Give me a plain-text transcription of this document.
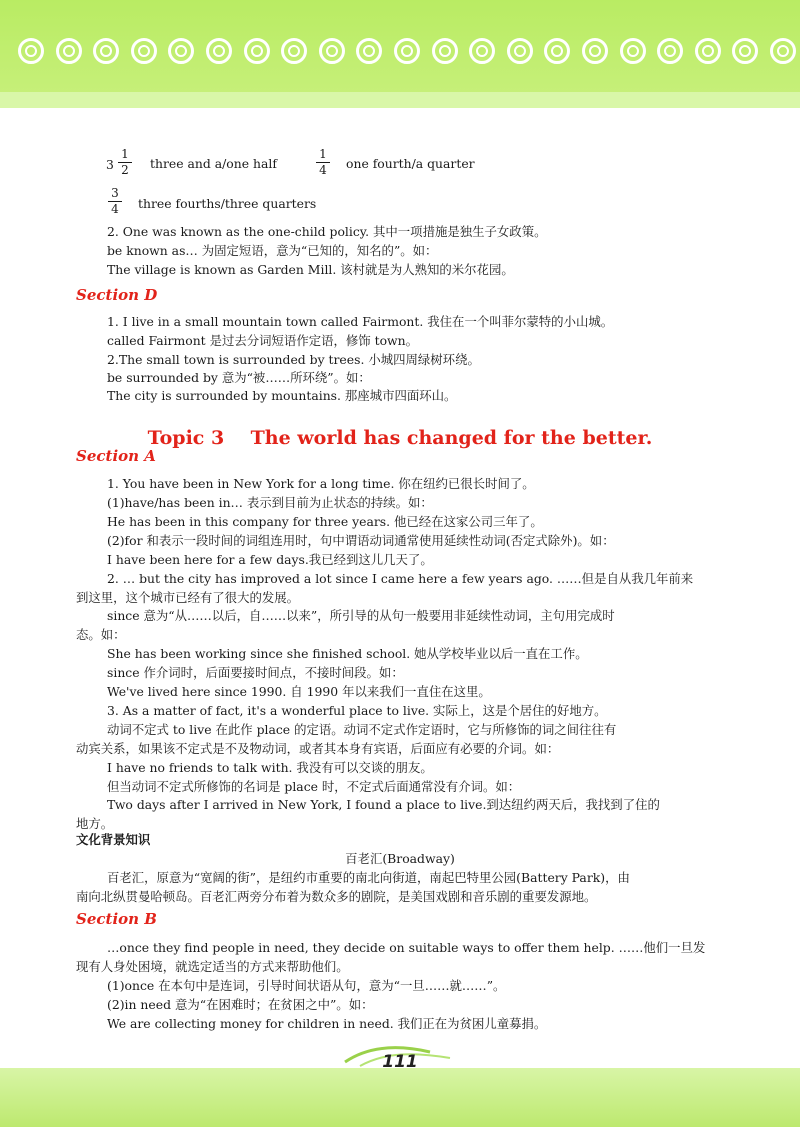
$3 \frac{1}{2}$ three and a/one half	$\frac{1}{4}$ one fourth/a quarter
$\frac{3}{4}$ three fourths/three quarters
2. One was known as the one-child policy. 其中一项措施是独生子女政策。
be known as… 为固定短语，意为“已知的，知名的”。如：
The village is known as Garden Mill. 该村就是为人熟知的米尔花园。
Section D
1. I live in a small mountain town called Fairmont. 我住在一个叫菲尔蒙特的小山城。
called Fairmont 是过去分词短语作定语，修饰 town。
2.The small town is surrounded by trees. 小城四周绿树环绕。
be surrounded by 意为“被……所环绕”。如：
The city is surrounded by mountains. 那座城市四面环山。
Topic 3    The world has changed for the better.
Section A
1. You have been in New York for a long time. 你在纽约已很长时间了。
(1)have/has been in… 表示到目前为止状态的持续。如：
He has been in this company for three years. 他已经在这家公司三年了。
(2)for 和表示一段时间的词组连用时，句中谓语动词通常使用延续性动词(否定式除外)。如：
I have been here for a few days.我已经到这儿几天了。
2. … but the city has improved a lot since I came here a few years ago. ……但是自从我几年前来
到这里，这个城市已经有了很大的发展。
since 意为“从……以后，自……以来”，所引导的从句一般要用非延续性动词，主句用完成时
态。如：
She has been working since she finished school. 她从学校毕业以后一直在工作。
since 作介词时，后面要接时间点，不接时间段。如：
We've lived here since 1990. 自 1990 年以来我们一直住在这里。
3. As a matter of fact, it's a wonderful place to live. 实际上，这是个居住的好地方。
动词不定式 to live 在此作 place 的定语。动词不定式作定语时，它与所修饰的词之间往往有
动宾关系，如果该不定式是不及物动词，或者其本身有宾语，后面应有必要的介词。如：
I have no friends to talk with. 我没有可以交谈的朋友。
但当动词不定式所修饰的名词是 place 时，不定式后面通常没有介词。如：
Two days after I arrived in New York, I found a place to live.到达纽约两天后，我找到了住的
地方。
文化背景知识
百老汇(Broadway)
百老汇，原意为“宽阔的街”，是纽约市重要的南北向街道，南起巴特里公园(Battery Park)，由
南向北纵贯曼哈顿岛。百老汇两旁分布着为数众多的剧院，是美国戏剧和音乐剧的重要发源地。
Section B
…once they find people in need, they decide on suitable ways to offer them help. ……他们一旦发
现有人身处困境，就选定适当的方式来帮助他们。
(1)once 在本句中是连词，引导时间状语从句，意为“一旦……就……”。
(2)in need 意为“在困难时；在贫困之中”。如：
We are collecting money for children in need. 我们正在为贫困儿童募捐。
111
